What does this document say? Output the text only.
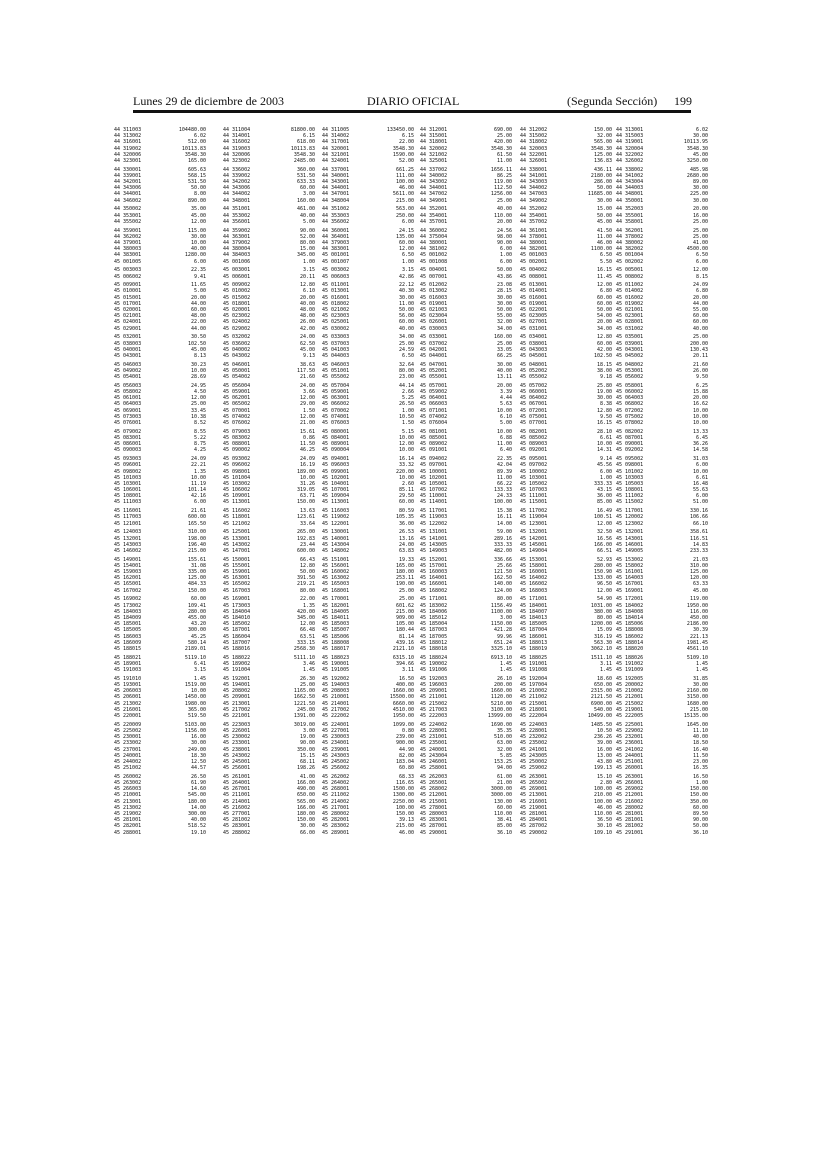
Lunes 29 de diciembre de 2003	DIARIO OFICIAL	(Segunda Sección) 199
44 311003	104480.00
44 313002	6.02
44 316001	512.00
44 319002	10113.83
44 320006	3548.30
44 323001	165.00
44 330001	605.63
44 339001	568.15
44 342001	531.50
44 343006	50.00
44 344001	8.00
44 346002	890.00
44 350002	35.00
44 353001	45.00
44 355002	12.00
44 359001	115.00
44 362002	30.00
44 379001	10.00
44 380003	40.00
44 383001	1280.00
45 001005	6.00
45 003003	22.35
45 006002	9.41
45 009001	11.65
45 010001	5.00
45 015001	20.00
45 017001	44.00
45 020001	60.00
45 021001	48.00
45 024001	22.00
45 029001	44.00
45 032001	30.50
45 038003	102.50
45 040001	45.00
45 043001	8.13
45 046003	30.23
45 049002	10.00
45 054001	28.69
45 056003	24.95
45 058002	4.50
45 061001	12.00
45 064003	25.00
45 069001	33.45
45 073003	10.38
45 076001	8.52
45 079002	8.55
45 083001	5.22
45 086001	8.75
45 090003	4.25
45 093003	24.09
45 096001	22.21
45 098002	1.35
45 101003	10.00
45 103001	11.19
45 106001	101.14
45 108001	42.16
45 111003	6.00
45 116001	21.61
45 117003	600.00
45 121001	165.50
45 124003	310.00
45 132001	198.00
45 143003	196.40
45 146002	215.00
45 149001	155.61
45 154001	31.08
45 159003	335.00
45 162001	125.00
45 165001	484.33
45 167002	150.00
45 169002	60.00
45 173002	109.41
45 184003	280.00
45 184009	455.00
45 185001	43.20
45 185005	300.00
45 186003	45.25
45 186009	580.14
45 188015	2189.01
45 188021	5119.10
45 189001	6.41
45 191003	3.15
45 191010	1.45
45 193001	1519.00
45 206003	10.00
45 206001	1450.00
45 213002	1980.00
45 216001	365.00
45 220001	519.50
45 220009	5103.00
45 225002	1156.00
45 230001	16.00
45 233002	30.00
45 237001	249.00
45 240001	18.30
45 244002	12.50
45 251002	44.57
45 260002	26.50
45 263002	61.90
45 266003	14.60
45 210001	545.00
45 213001	180.00
45 213002	14.00
45 219002	300.00
45 281001	40.00
45 282001	518.52
45 288001	19.10
44 311004	81800.00
44 314001	6.15
44 316002	618.00
44 319003	10113.83
44 320006	3548.30
44 323002	2485.00
44 336002	360.00
44 339002	531.50
44 342002	633.33
44 343006	60.00
44 344002	3.00
44 348001	160.00
44 351001	461.00
44 353002	40.00
44 356001	5.00
44 359002	90.00
44 363001	52.00
44 379002	80.00
44 380004	15.00
44 384003	345.00
45 001006	1.00
45 003001	3.15
45 006001	20.11
45 009002	12.80
45 010002	6.10
45 015002	20.00
45 018001	40.00
45 020001	48.00
45 023002	48.00
45 024002	26.00
45 029002	42.00
45 032002	24.00
45 036002	62.50
45 040002	45.00
45 043002	9.13
45 046001	38.63
45 050001	117.50
45 054002	21.60
45 056004	24.00
45 059001	3.66
45 062001	12.00
45 065002	29.00
45 070001	1.50
45 074002	12.00
45 076002	21.00
45 079003	15.61
45 083002	0.86
45 088001	11.50
45 090002	46.25
45 093002	24.09
45 096002	16.19
45 098001	189.00
45 101004	10.00
45 103002	31.26
45 106002	319.05
45 109001	63.71
45 113001	150.00
45 116002	13.63
45 118001	123.61
45 121002	33.64
45 125001	265.00
45 133001	192.83
45 143002	23.44
45 147001	600.00
45 150001	66.43
45 155001	12.80
45 159001	50.00
45 163001	391.50
45 165002	219.21
45 167003	80.00
45 169001	22.00
45 173003	1.35
45 184004	420.00
45 184010	345.00
45 185002	12.00
45 187001	66.48
45 186004	63.51
45 187007	333.15
45 188016	2568.30
45 188022	5111.10
45 189002	3.46
45 191004	1.45
45 192001	26.30
45 194001	25.00
45 208002	1165.00
45 209001	1662.50
45 213001	1221.50
45 217002	245.00
45 221001	1391.00
45 223003	3019.00
45 226001	3.00
45 230002	19.00
45 233001	90.00
45 238001	350.00
45 243002	15.15
45 245001	68.11
45 256001	198.26
45 261001	41.00
45 264001	166.00
45 267001	490.00
45 211001	650.00
45 214001	565.00
45 216002	166.00
45 277001	180.00
45 281002	150.00
45 283001	30.00
45 288002	66.00
44 311005	133450.00
44 314002	6.15
44 317001	22.00
44 320001	3548.30
44 321001	1590.00
44 324001	52.00
44 337001	661.25
44 340001	111.00
44 343001	100.00
44 344001	46.00
44 347001	5611.00
44 348004	215.00
44 351002	563.00
44 353003	250.00
44 356002	6.00
44 360001	24.15
44 364001	135.00
44 379003	60.00
44 383001	12.00
45 001001	6.50
45 001007	1.00
45 003002	3.15
45 006003	42.86
45 011001	22.12
45 013001	40.30
45 016001	30.00
45 018002	11.00
45 021002	50.00
45 023003	56.00
45 025001	60.00
45 030002	40.00
45 033003	34.00
45 037003	25.00
45 041003	24.59
45 044003	6.50
45 046003	32.64
45 051001	80.00
45 055002	23.00
45 057004	44.14
45 059001	2.66
45 063001	5.25
45 066002	26.50
45 070002	1.00
45 074001	10.50
45 076003	1.50
45 080001	5.15
45 084001	10.00
45 089001	12.00
45 090004	10.00
45 094001	16.14
45 096003	33.32
45 099001	220.00
45 102001	10.00
45 104001	2.60
45 107001	85.11
45 109004	29.50
45 113001	60.00
45 116003	80.59
45 119002	105.35
45 122001	36.00
45 130001	26.53
45 140001	13.16
45 143004	24.00
45 148002	63.83
45 151001	19.33
45 156001	165.00
45 160002	180.00
45 163002	253.11
45 165003	190.00
45 168001	25.00
45 170001	25.00
45 182001	601.62
45 184005	215.00
45 184011	909.00
45 185003	105.00
45 185007	180.44
45 185006	81.14
45 188008	439.16
45 188017	2121.10
45 188023	6315.10
45 190001	394.66
45 191005	3.11
45 192002	16.50
45 194003	400.00
45 208003	1660.00
45 210001	15500.00
45 214001	6660.00
45 217002	4510.00
45 222002	1950.00
45 224001	1099.00
45 227001	0.80
45 230003	239.00
45 234001	900.00
45 239001	44.90
45 243003	82.00
45 245002	183.04
45 256002	60.80
45 262002	68.33
45 264002	116.65
45 268001	1500.00
45 211002	1300.00
45 214002	2250.00
45 217001	100.00
45 280002	150.00
45 282001	39.13
45 283002	215.00
45 289001	46.00
44 312001	690.00
44 315001	25.00
44 318001	420.00
44 320002	3548.30
44 321002	61.50
44 325001	11.00
44 337002	1656.11
44 340002	86.25
44 343002	119.00
44 344001	112.50
44 347002	1256.00
44 349001	25.00
44 352001	40.00
44 354001	110.00
44 357001	20.00
44 360002	24.56
44 375004	98.00
44 380001	90.00
44 381002	6.00
45 001002	1.00
45 001008	6.00
45 004001	50.00
45 007001	43.86
45 012002	23.08
45 013002	28.15
45 016003	30.00
45 019001	30.00
45 021003	50.00
45 023004	55.00
45 026001	32.00
45 030003	34.00
45 033001	160.00
45 037002	25.00
45 042001	33.05
45 044001	66.25
45 047001	30.00
45 052001	40.00
45 055001	13.11
45 057001	20.00
45 059002	3.39
45 064001	4.44
45 066003	5.63
45 071001	10.00
45 074002	6.10
45 076004	5.00
45 081001	10.00
45 085001	6.88
45 089002	11.00
45 091001	6.40
45 094002	22.35
45 097001	42.04
45 100001	89.39
45 102001	11.00
45 105001	66.22
45 107002	133.33
45 110001	24.33
45 114001	100.00
45 117001	15.38
45 119003	16.11
45 122002	14.00
45 131001	59.00
45 141001	289.16
45 143005	333.33
45 149003	482.00
45 152001	336.66
45 157001	25.66
45 160003	121.50
45 164001	162.50
45 166001	140.00
45 168002	124.00
45 171001	80.00
45 183002	1156.49
45 184006	1100.00
45 185012	3.00
45 185004	1150.00
45 187003	421.28
45 187005	99.96
45 188012	651.24
45 188018	3325.10
45 188024	6913.10
45 190002	1.45
45 191006	1.45
45 192003	26.10
45 196003	200.00
45 209001	1660.00
45 211001	1120.00
45 215002	5210.00
45 217003	3100.00
45 222003	13999.00
45 224002	1690.00
45 228001	35.35
45 231001	510.00
45 235001	63.00
45 240001	32.00
45 243004	5.85
45 246001	153.25
45 258001	94.00
45 262003	61.00
45 265001	21.00
45 268002	3000.00
45 212001	3000.00
45 215001	130.00
45 278001	60.00
45 280003	110.00
45 283001	38.41
45 287001	85.00
45 290001	36.10
44 312002	150.00
44 315002	32.00
44 318002	565.00
44 320003	3548.30
44 322001	125.00
44 326001	136.83
44 338001	436.11
44 341001	2180.00
44 343003	286.00
44 344002	50.00
44 347003	11685.00
44 349002	30.00
44 352002	15.00
44 354001	50.00
44 357002	45.00
44 361001	41.50
44 378001	11.00
44 380001	46.00
44 382001	1100.00
45 001003	6.50
45 002001	5.50
45 004002	16.15
45 008001	11.45
45 013001	12.00
45 014001	6.80
45 016001	60.00
45 019001	60.00
45 022001	50.00
45 023005	54.00
45 027001	20.00
45 031001	34.00
45 034001	12.80
45 038001	60.00
45 043003	42.00
45 045001	102.50
45 048001	18.15
45 052002	38.00
45 055002	9.18
45 057002	25.80
45 060001	19.00
45 064002	30.00
45 067001	8.38
45 072001	12.80
45 075001	9.50
45 077001	16.15
45 082001	28.10
45 085002	6.61
45 089003	10.00
45 092001	14.31
45 095001	9.14
45 097002	45.56
45 100002	6.00
45 103001	1.00
45 105002	333.33
45 107003	43.15
45 111001	36.00
45 115001	85.00
45 117002	16.49
45 119004	100.51
45 123001	12.00
45 132001	32.50
45 142001	16.56
45 145001	166.00
45 149004	66.51
45 153001	52.93
45 158001	280.00
45 160001	150.90
45 164002	133.00
45 166002	96.50
45 168003	12.00
45 171001	54.90
45 184001	1031.00
45 184007	380.00
45 184013	80.00
45 185005	1200.00
45 187004	15.09
45 186001	316.19
45 188013	563.30
45 188019	3062.10
45 188025	1511.10
45 191001	3.11
45 191008	1.45
45 192004	18.60
45 197004	650.00
45 210002	2315.00
45 211002	2121.50
45 215001	6900.00
45 218001	540.00
45 222004	10499.00
45 224003	1485.50
45 228001	10.50
45 232002	236.26
45 235002	39.00
45 241001	16.00
45 243005	13.00
45 250002	43.80
45 259002	199.13
45 263001	15.10
45 265002	2.80
45 269001	100.00
45 213001	210.00
45 216001	100.00
45 219001	46.00
45 281001	110.00
45 284001	36.50
45 287002	30.10
45 290002	109.10
44 313001	6.02
44 315003	30.00
44 319001	10113.95
44 320004	3548.30
44 322002	45.00
44 326002	3250.00
44 338002	485.98
44 341002	2680.00
44 343004	89.00
44 344003	30.00
44 348001	225.00
44 350001	30.00
44 352003	20.00
44 355001	16.00
44 358001	25.00
44 362001	25.00
44 378002	25.00
44 380002	41.00
44 382002	4500.00
45 001004	6.50
45 002002	6.00
45 005001	12.00
45 008002	8.15
45 011002	24.09
45 014002	6.80
45 016002	20.00
45 019002	44.00
45 021001	55.00
45 023001	60.00
45 028001	60.00
45 031002	40.00
45 035001	25.00
45 039001	200.00
45 043001	130.43
45 045002	20.11
45 048002	21.60
45 053001	26.00
45 056002	9.50
45 058001	6.25
45 060002	15.88
45 064003	20.00
45 068002	16.62
45 072002	10.00
45 075002	10.00
45 078002	10.00
45 082002	13.33
45 087001	6.45
45 090001	36.26
45 092002	14.58
45 095002	31.03
45 098001	6.00
45 101002	10.00
45 103003	6.61
45 105003	16.48
45 108001	55.63
45 111002	6.00
45 115002	51.00
45 117001	330.16
45 120002	106.66
45 123002	66.10
45 132001	358.61
45 143001	116.51
45 146001	14.83
45 149005	233.33
45 153002	21.03
45 158002	310.00
45 161001	125.00
45 164003	120.00
45 167001	63.33
45 169001	45.00
45 172001	119.00
45 184002	1950.00
45 184008	116.00
45 184014	450.00
45 185006	2186.00
45 188008	30.39
45 186002	221.13
45 188014	1981.45
45 188020	4561.10
45 188026	5109.10
45 191002	1.45
45 191009	1.45
45 192005	31.85
45 200002	30.00
45 210002	2160.00
45 212001	3150.00
45 215002	1680.00
45 219001	215.00
45 222005	15135.00
45 225001	1645.00
45 229002	11.10
45 232001	40.00
45 236001	18.50
45 241002	16.40
45 244001	11.50
45 251001	23.00
45 260001	16.35
45 263001	16.50
45 266001	1.00
45 269002	150.00
45 212001	150.00
45 216002	350.00
45 280002	60.00
45 281001	89.50
45 281001	90.00
45 281002	50.00
45 291001	36.10
